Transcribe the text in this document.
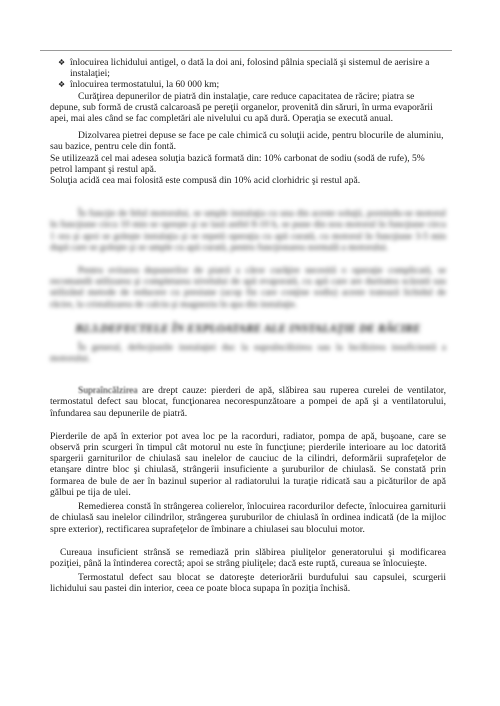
❖ înlocuirea lichidului antigel, o dată la doi ani, folosind pâlnia specială şi sistemul de aerisire a instalaţiei;
❖ înlocuirea termostatului, la 60 000 km;

Curăţirea depunerilor de piatră din instalaţie, care reduce capacitatea de răcire; piatra se depune, sub formă de crustă calcaroasă pe pereţii organelor, provenită din săruri, în urma evaporării apei, mai ales când se fac completări ale nivelului cu apă dură. Operaţia se execută anual.

Dizolvarea pietrei depuse se face pe cale chimică cu soluţii acide, pentru blocurile de aluminiu, sau bazice, pentru cele din fontă.

Se utilizează cel mai adesea soluţia bazică formată din: 10% carbonat de sodiu (sodă de rufe), 5% petrol lampant şi restul apă.

Soluţia acidă cea mai folosită este compusă din 10% acid clorhidric şi restul apă.

În funcţie de felul motorului, se umple instalaţia cu una din aceste soluţii, pornindu-se motorul în funcţiune circa 10 min se opreşte şi se lasă astfel 8-10 h, se pune din nou motorul în funcţiune circa 1 ora şi apoi se goleşte instalaţia şi se repetă operaţia cu apă curată, cu motorul în funcţiune 3-5 min după care se goleşte şi se umple cu apă curată, pentru funcţionarea normală a motorului.

Pentru evitarea depunerilor de piatră a căror curăţire necesită o operaţie complicată, se recomandă utilizarea şi completarea nivelului de apă evaporată, cu apă care are duritatea scăzută sau utilizând metode de reducere cu presiune (acop fin care conţine sodiu) aceste tratează lichidul de răcire, la cristalizarea de calciu şi magneziu în apa din instalaţie.

B2.3.DEFECTELE ÎN EXPLOATARE ALE INSTALAŢIE DE RĂCIRE

În general, defecţiunile instalaţiei duc la supraîncălzirea sau la încălzirea insuficientă a motorului.

Supraîncălzirea are drept cauze: pierderi de apă, slăbirea sau ruperea curelei de ventilator, termostatul defect sau blocat, funcţionarea necorespunzătoare a pompei de apă şi a ventilatorului, înfundarea sau depunerile de piatră.

Pierderile de apă în exterior pot avea loc pe la racorduri, radiator, pompa de apă, buşoane, care se observă prin scurgeri în timpul cât motorul nu este în funcţiune; pierderile interioare au loc datorită spargerii garniturilor de chiulasă sau inelelor de cauciuc de la cilindri, deformării suprafeţelor de etanşare dintre bloc şi chiulasă, strângerii insuficiente a şuruburilor de chiulasă. Se constată prin formarea de bule de aer în bazinul superior al radiatorului la turaţie ridicată sau a picăturilor de apă gălbui pe tija de ulei.

Remedierea constă în strângerea colierelor, înlocuirea racordurilor defecte, înlocuirea garniturii de chiulasă sau inelelor cilindrilor, strângerea şuruburilor de chiulasă în ordinea indicată (de la mijloc spre exterior), rectificarea suprafeţelor de îmbinare a chiulasei sau blocului motor.

Cureaua insuficient strânsă se remediază prin slăbirea piuliţelor generatorului şi modificarea poziţiei, până la întinderea corectă; apoi se strâng piuliţele; dacă este ruptă, cureaua se înlocuieşte.

Termostatul defect sau blocat se datoreşte deteriorării burdufului sau capsulei, scurgerii lichidului sau pastei din interior, ceea ce poate bloca supapa în poziţia închisă.
